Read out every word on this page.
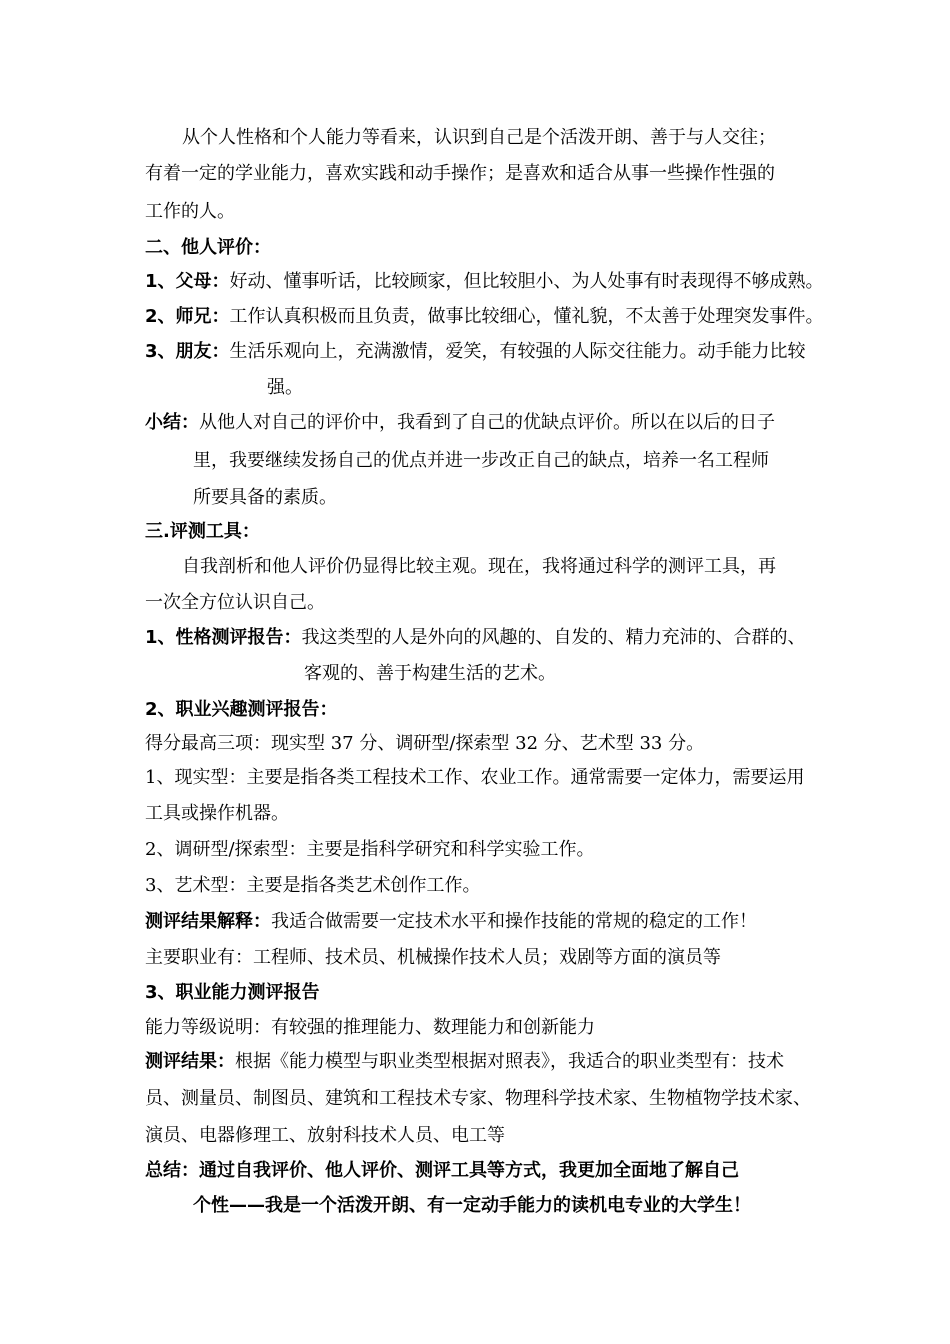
从个人性格和个人能力等看来，认识到自己是个活泼开朗、善于与人交往；
有着一定的学业能力，喜欢实践和动手操作；是喜欢和适合从事一些操作性强的
工作的人。
二、他人评价：
1、父母：好动、懂事听话，比较顾家，但比较胆小、为人处事有时表现得不够成熟。
2、师兄：工作认真积极而且负责，做事比较细心，懂礼貌，不太善于处理突发事件。
3、朋友：生活乐观向上，充满激情，爱笑，有较强的人际交往能力。动手能力比较
强。
小结：从他人对自己的评价中，我看到了自己的优缺点评价。所以在以后的日子
里，我要继续发扬自己的优点并进一步改正自己的缺点，培养一名工程师
所要具备的素质。
三.评测工具：
自我剖析和他人评价仍显得比较主观。现在，我将通过科学的测评工具，再
一次全方位认识自己。
1、性格测评报告：我这类型的人是外向的风趣的、自发的、精力充沛的、合群的、
客观的、善于构建生活的艺术。
2、职业兴趣测评报告：
得分最高三项：现实型 37 分、调研型/探索型 32 分、艺术型 33 分。
1、现实型：主要是指各类工程技术工作、农业工作。通常需要一定体力，需要运用
工具或操作机器。
2、调研型/探索型：主要是指科学研究和科学实验工作。
3、艺术型：主要是指各类艺术创作工作。
测评结果解释：我适合做需要一定技术水平和操作技能的常规的稳定的工作！
主要职业有：工程师、技术员、机械操作技术人员；戏剧等方面的演员等
3、职业能力测评报告
能力等级说明：有较强的推理能力、数理能力和创新能力
测评结果：根据《能力模型与职业类型根据对照表》，我适合的职业类型有：技术
员、测量员、制图员、建筑和工程技术专家、物理科学技术家、生物植物学技术家、
演员、电器修理工、放射科技术人员、电工等
总结：通过自我评价、他人评价、测评工具等方式，我更加全面地了解自己
个性——我是一个活泼开朗、有一定动手能力的读机电专业的大学生！
